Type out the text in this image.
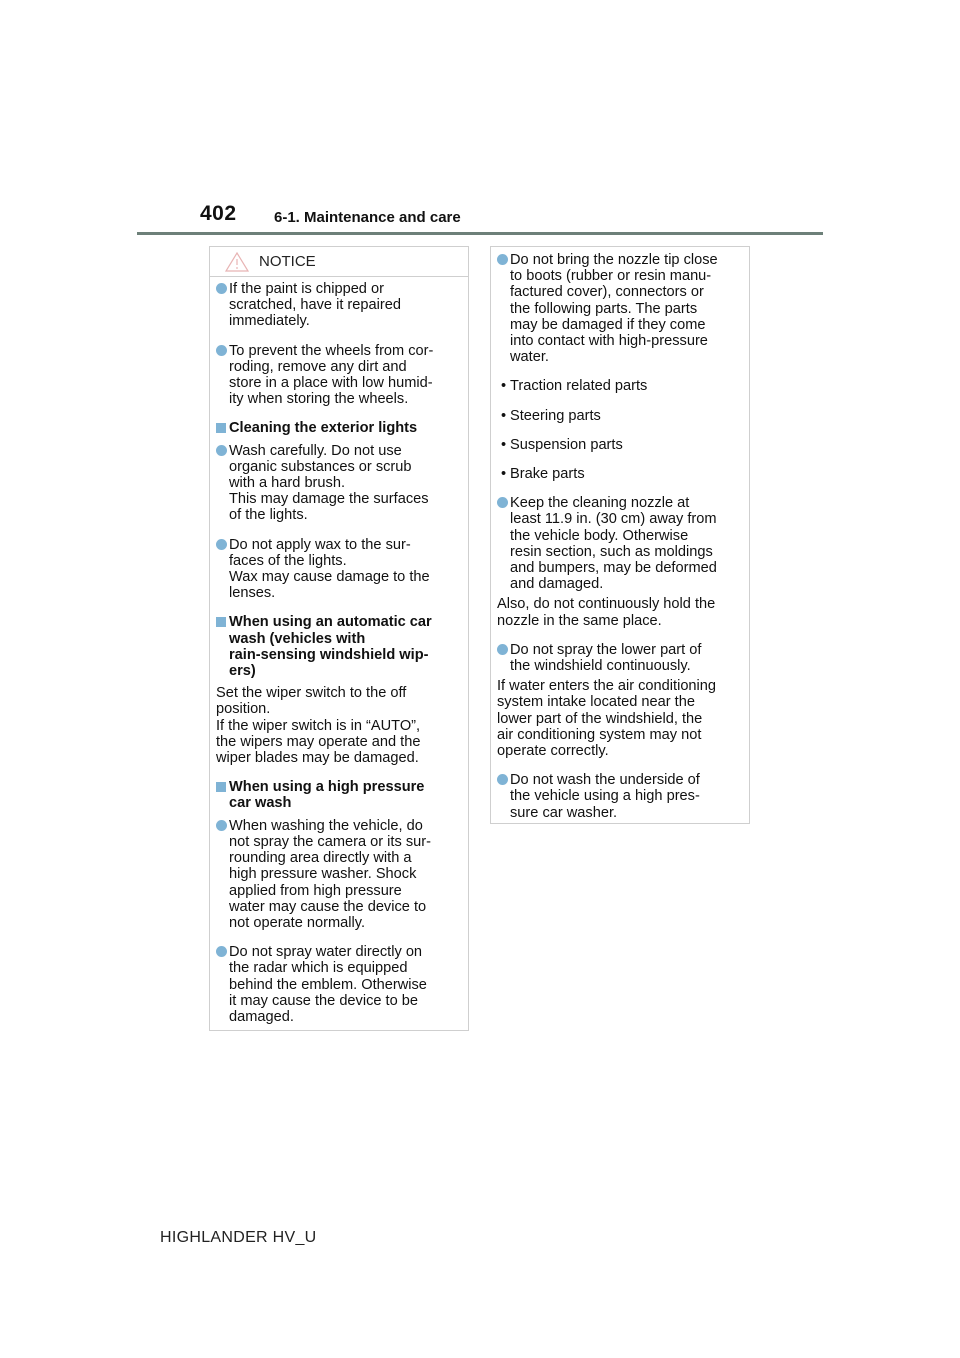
402 6-1. Maintenance and care
NOTICE
If the paint is chipped or
scratched, have it repaired
immediately.
To prevent the wheels from cor-
roding, remove any dirt and
store in a place with low humid-
ity when storing the wheels.
Cleaning the exterior lights
Wash carefully. Do not use
organic substances or scrub
with a hard brush.
This may damage the surfaces
of the lights.
Do not apply wax to the sur-
faces of the lights.
Wax may cause damage to the
lenses.
When using an automatic car
wash (vehicles with
rain-sensing windshield wip-
ers)
Set the wiper switch to the off
position.
If the wiper switch is in “AUTO”,
the wipers may operate and the
wiper blades may be damaged.
When using a high pressure
car wash
When washing the vehicle, do
not spray the camera or its sur-
rounding area directly with a
high pressure washer. Shock
applied from high pressure
water may cause the device to
not operate normally.
Do not spray water directly on
the radar which is equipped
behind the emblem. Otherwise
it may cause the device to be
damaged.
Do not bring the nozzle tip close
to boots (rubber or resin manu-
factured cover), connectors or
the following parts. The parts
may be damaged if they come
into contact with high-pressure
water.
• Traction related parts
• Steering parts
• Suspension parts
• Brake parts
Keep the cleaning nozzle at
least 11.9 in. (30 cm) away from
the vehicle body. Otherwise
resin section, such as moldings
and bumpers, may be deformed
and damaged.
Also, do not continuously hold the
nozzle in the same place.
Do not spray the lower part of
the windshield continuously.
If water enters the air conditioning
system intake located near the
lower part of the windshield, the
air conditioning system may not
operate correctly.
Do not wash the underside of
the vehicle using a high pres-
sure car washer.
HIGHLANDER HV_U
